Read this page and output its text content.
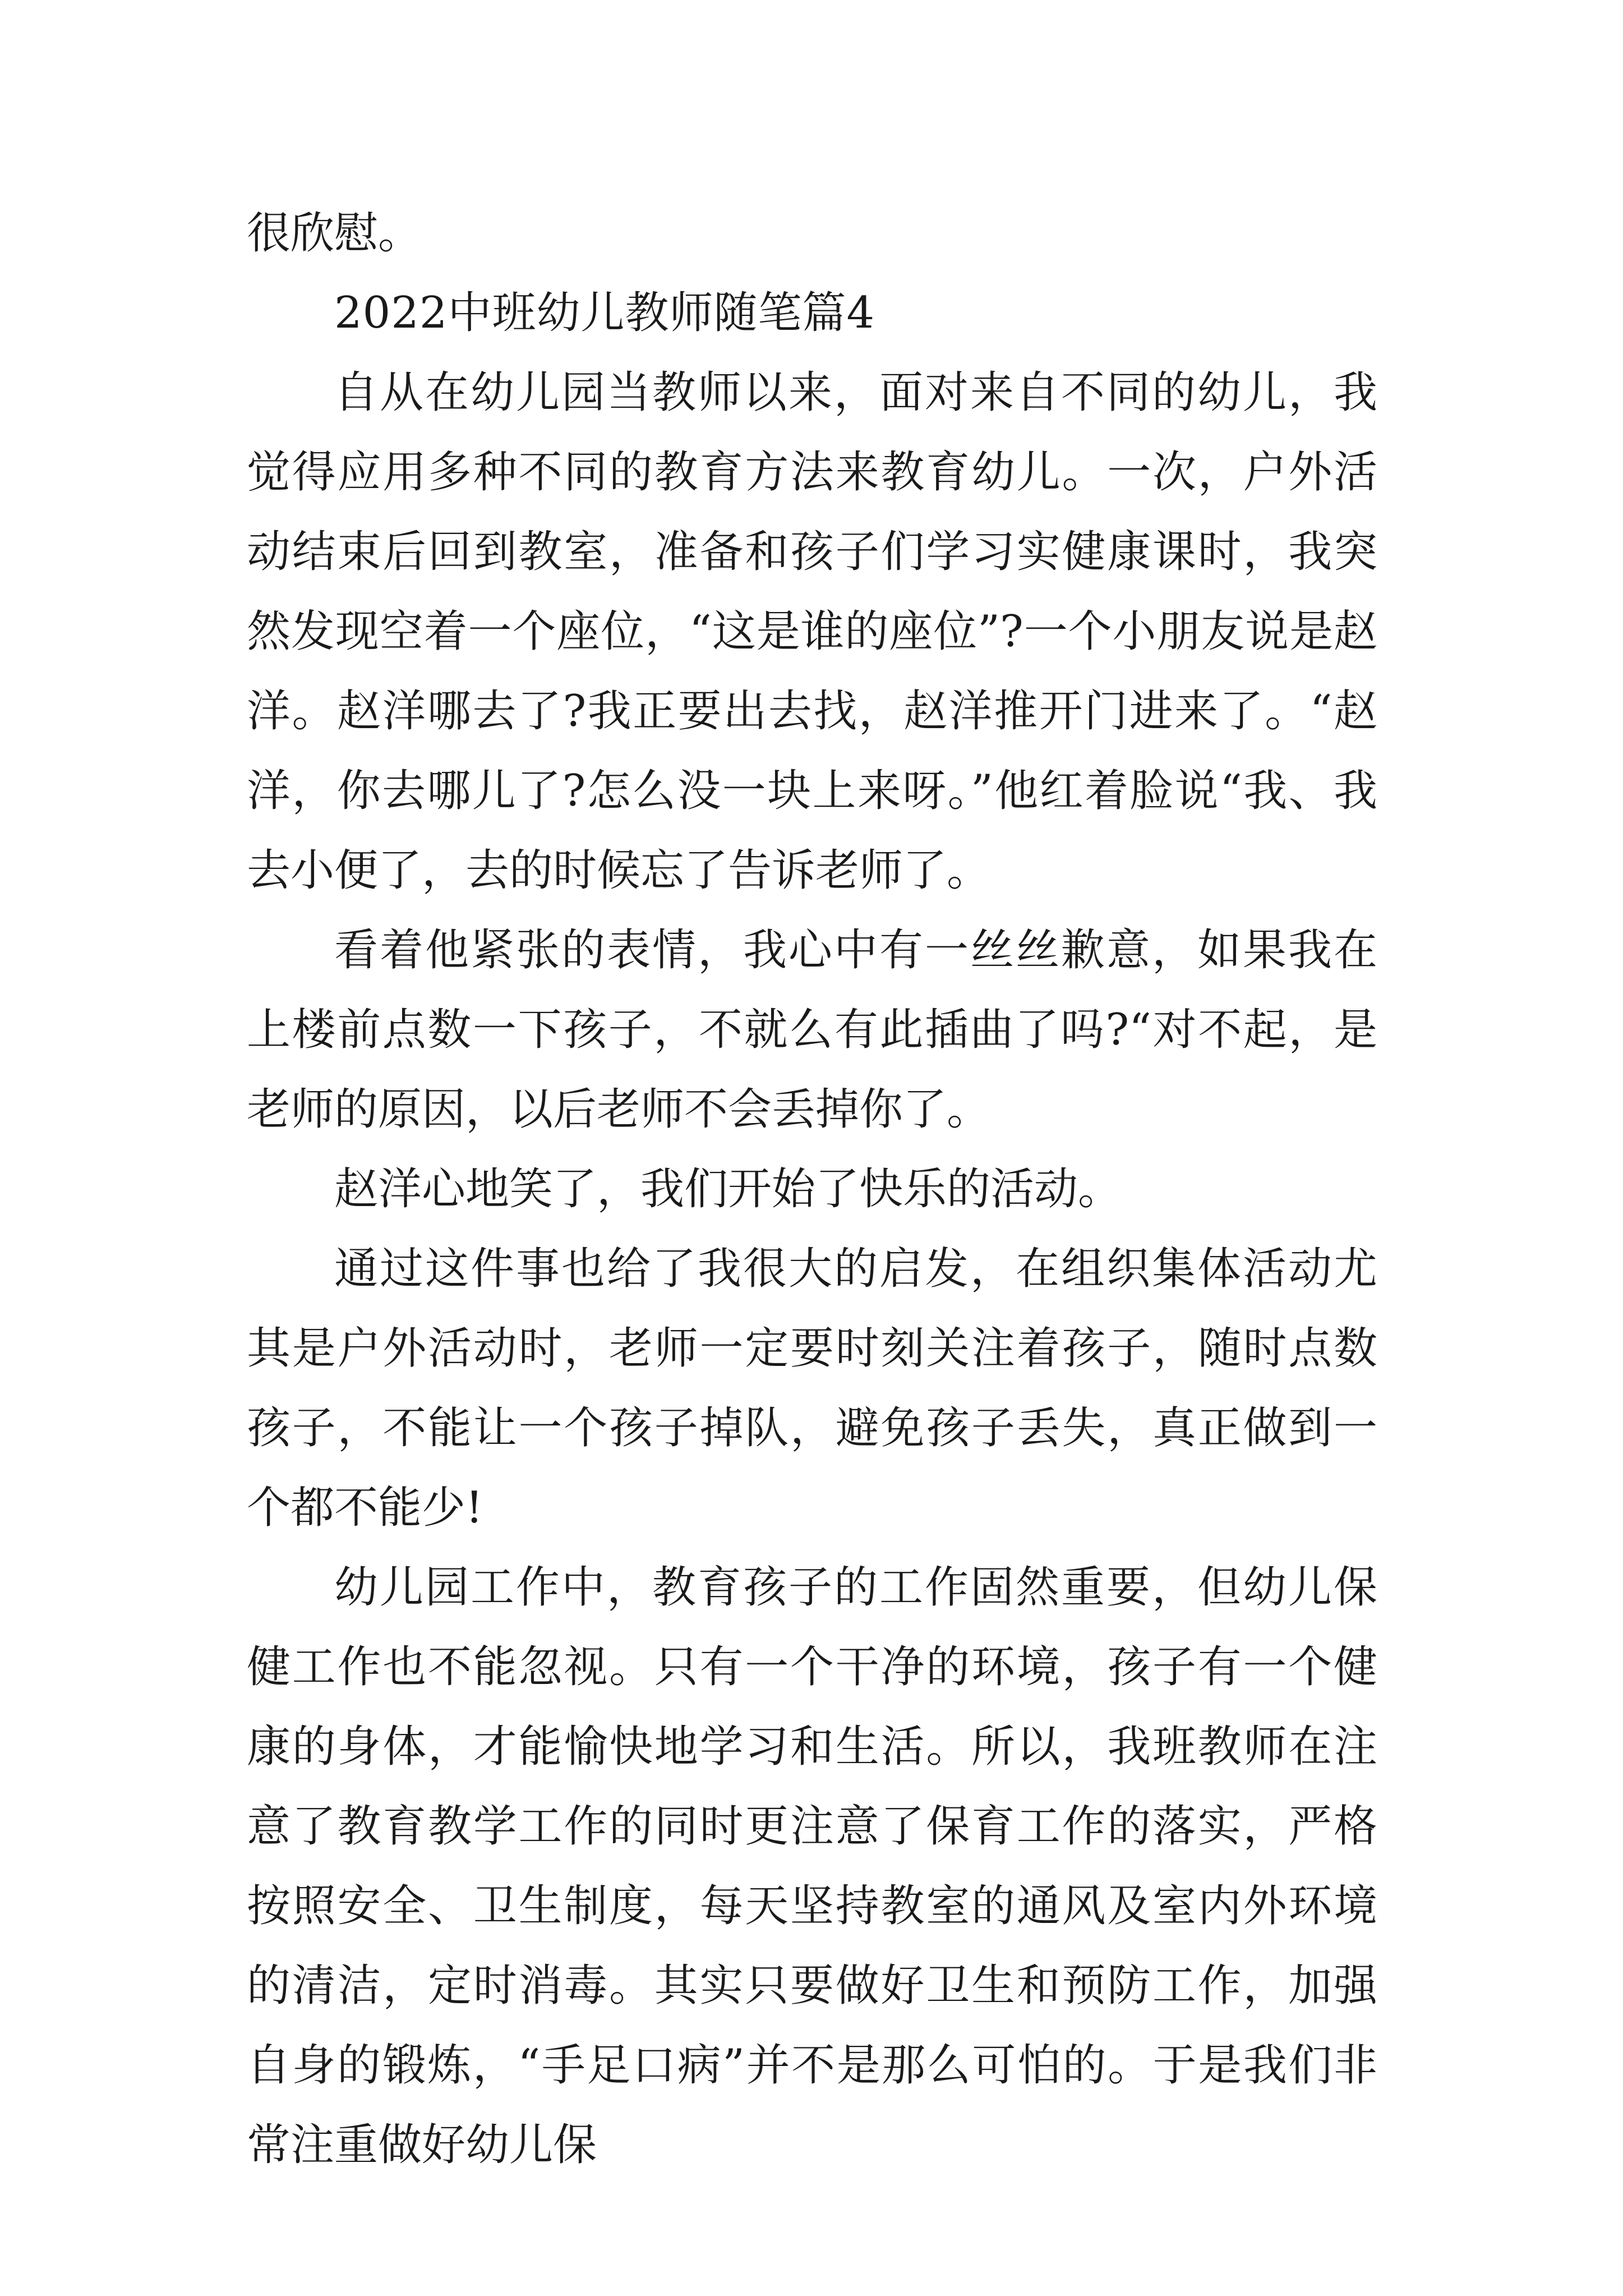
很欣慰。

2022中班幼儿教师随笔篇4

自从在幼儿园当教师以来，面对来自不同的幼儿，我觉得应用多种不同的教育方法来教育幼儿。一次，户外活动结束后回到教室，准备和孩子们学习实健康课时，我突然发现空着一个座位，“这是谁的座位”?一个小朋友说是赵洋。赵洋哪去了?我正要出去找，赵洋推开门进来了。“赵洋，你去哪儿了?怎么没一块上来呀。”他红着脸说“我、我去小便了，去的时候忘了告诉老师了。

看着他紧张的表情，我心中有一丝丝歉意，如果我在上楼前点数一下孩子，不就么有此插曲了吗?“对不起，是老师的原因，以后老师不会丢掉你了。

赵洋心地笑了，我们开始了快乐的活动。

通过这件事也给了我很大的启发，在组织集体活动尤其是户外活动时，老师一定要时刻关注着孩子，随时点数孩子，不能让一个孩子掉队，避免孩子丢失，真正做到一个都不能少!

幼儿园工作中，教育孩子的工作固然重要，但幼儿保健工作也不能忽视。只有一个干净的环境，孩子有一个健康的身体，才能愉快地学习和生活。所以，我班教师在注意了教育教学工作的同时更注意了保育工作的落实，严格按照安全、卫生制度，每天坚持教室的通风及室内外环境的清洁，定时消毒。其实只要做好卫生和预防工作，加强自身的锻炼，“手足口病”并不是那么可怕的。于是我们非常注重做好幼儿保
